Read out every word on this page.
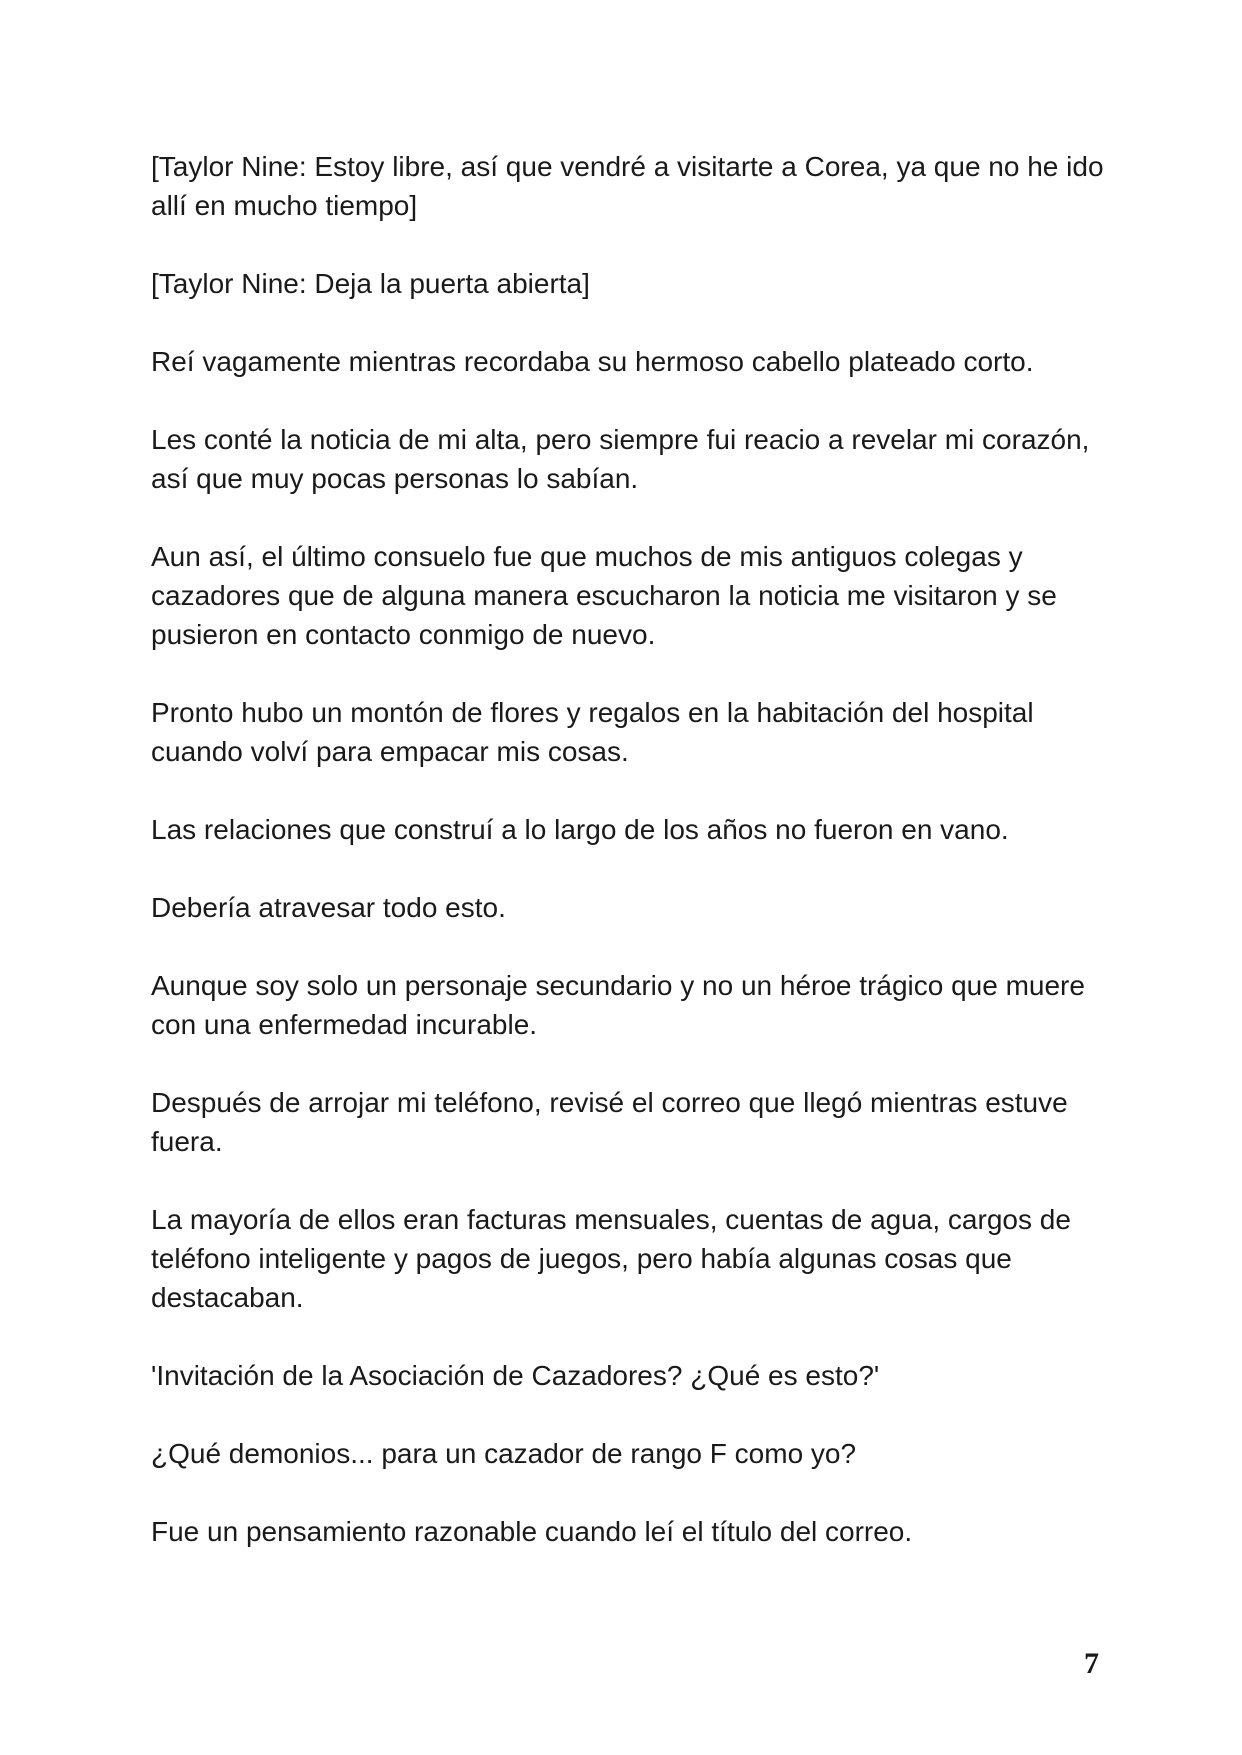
[Taylor Nine: Estoy libre, así que vendré a visitarte a Corea, ya que no he ido allí en mucho tiempo]

[Taylor Nine: Deja la puerta abierta]

Reí vagamente mientras recordaba su hermoso cabello plateado corto.

Les conté la noticia de mi alta, pero siempre fui reacio a revelar mi corazón, así que muy pocas personas lo sabían.

Aun así, el último consuelo fue que muchos de mis antiguos colegas y cazadores que de alguna manera escucharon la noticia me visitaron y se pusieron en contacto conmigo de nuevo.

Pronto hubo un montón de flores y regalos en la habitación del hospital cuando volví para empacar mis cosas.

Las relaciones que construí a lo largo de los años no fueron en vano.

Debería atravesar todo esto.

Aunque soy solo un personaje secundario y no un héroe trágico que muere con una enfermedad incurable.

Después de arrojar mi teléfono, revisé el correo que llegó mientras estuve fuera.

La mayoría de ellos eran facturas mensuales, cuentas de agua, cargos de teléfono inteligente y pagos de juegos, pero había algunas cosas que destacaban.

'Invitación de la Asociación de Cazadores? ¿Qué es esto?'

¿Qué demonios... para un cazador de rango F como yo?

Fue un pensamiento razonable cuando leí el título del correo.

7
